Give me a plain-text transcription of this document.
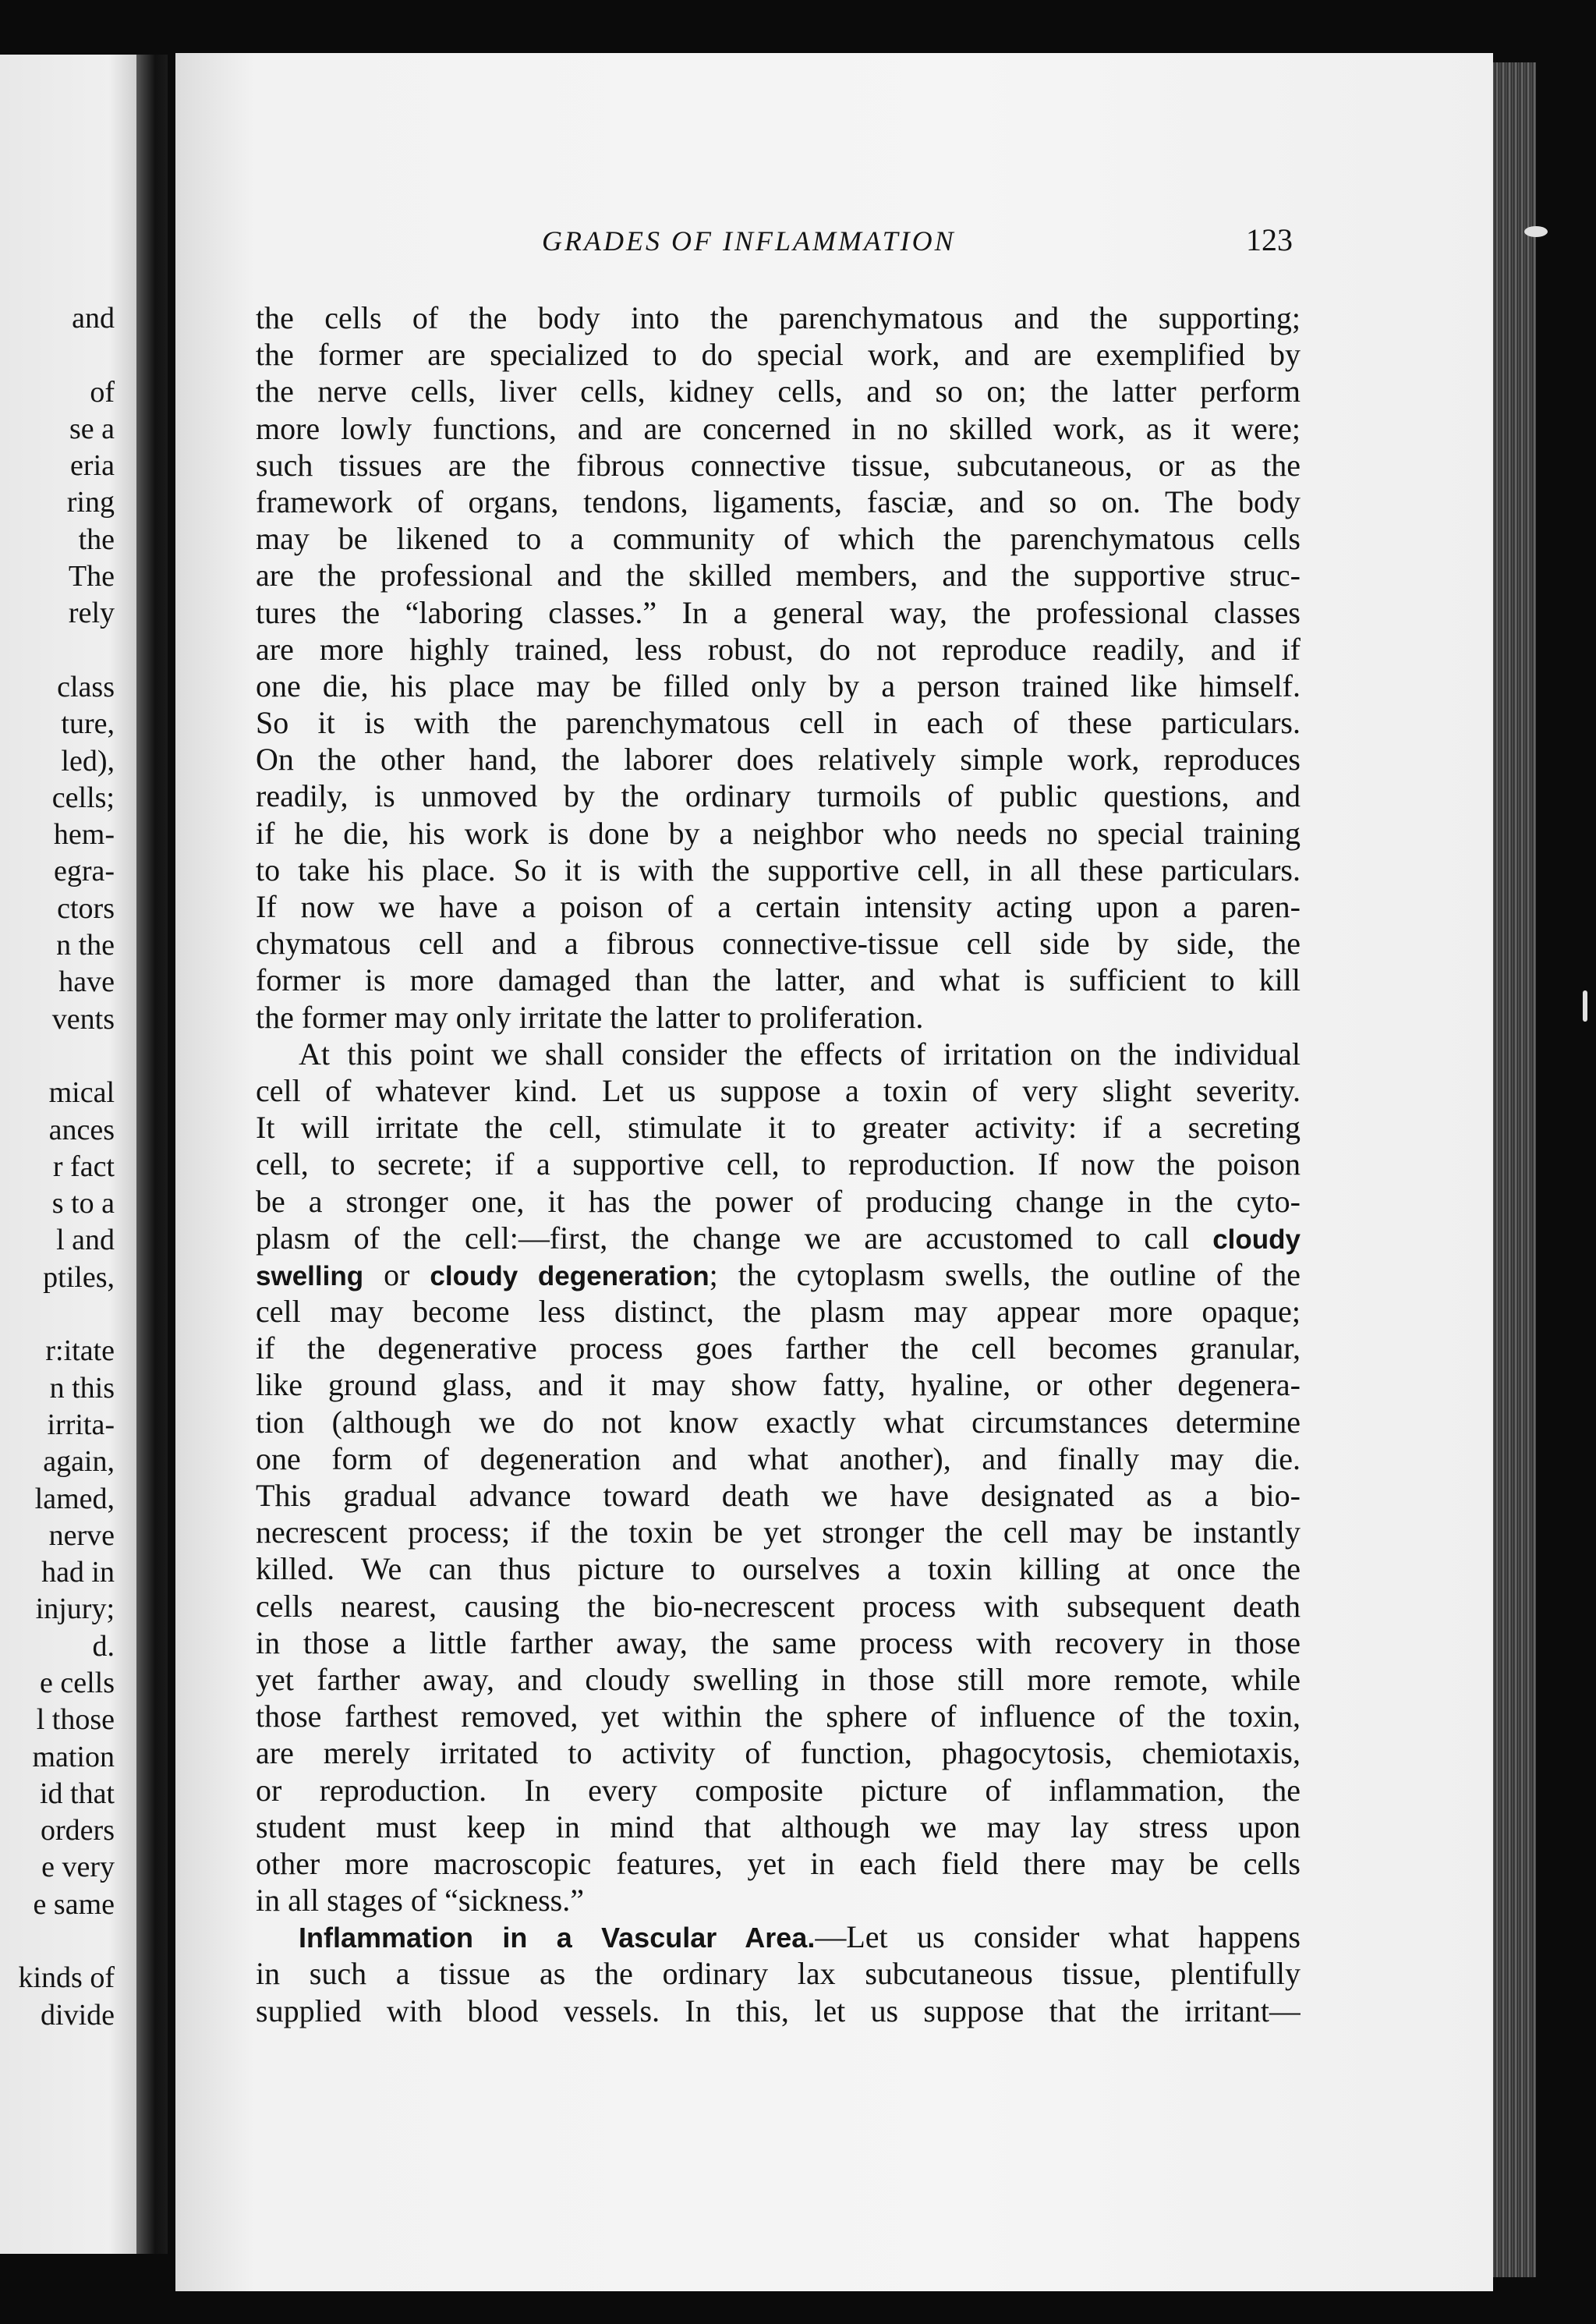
and
of
se a
eria
ring
the
The
rely
class
ture,
led),
cells;
hem-
egra-
ctors
n the
have
vents
mical
ances
r fact
s to a
l and
ptiles,
r:itate
n this
irrita-
again,
lamed,
nerve
had in
injury;
d.
e cells
l those
mation
id that
orders
e very
e same
kinds of
divide
GRADES OF INFLAMMATION	123
the cells of the body into the parenchymatous and the supporting;
the former are specialized to do special work, and are exemplified by
the nerve cells, liver cells, kidney cells, and so on; the latter perform
more lowly functions, and are concerned in no skilled work, as it were;
such tissues are the fibrous connective tissue, subcutaneous, or as the
framework of organs, tendons, ligaments, fasciæ, and so on. The body
may be likened to a community of which the parenchymatous cells
are the professional and the skilled members, and the supportive struc-
tures the “laboring classes.” In a general way, the professional classes
are more highly trained, less robust, do not reproduce readily, and if
one die, his place may be filled only by a person trained like himself.
So it is with the parenchymatous cell in each of these particulars.
On the other hand, the laborer does relatively simple work, reproduces
readily, is unmoved by the ordinary turmoils of public questions, and
if he die, his work is done by a neighbor who needs no special training
to take his place. So it is with the supportive cell, in all these particulars.
If now we have a poison of a certain intensity acting upon a paren-
chymatous cell and a fibrous connective-tissue cell side by side, the
former is more damaged than the latter, and what is sufficient to kill
the former may only irritate the latter to proliferation.
At this point we shall consider the effects of irritation on the individual
cell of whatever kind. Let us suppose a toxin of very slight severity.
It will irritate the cell, stimulate it to greater activity: if a secreting
cell, to secrete; if a supportive cell, to reproduction. If now the poison
be a stronger one, it has the power of producing change in the cyto-
plasm of the cell:—first, the change we are accustomed to call cloudy
swelling or cloudy degeneration; the cytoplasm swells, the outline of the
cell may become less distinct, the plasm may appear more opaque;
if the degenerative process goes farther the cell becomes granular,
like ground glass, and it may show fatty, hyaline, or other degenera-
tion (although we do not know exactly what circumstances determine
one form of degeneration and what another), and finally may die.
This gradual advance toward death we have designated as a bio-
necrescent process; if the toxin be yet stronger the cell may be instantly
killed. We can thus picture to ourselves a toxin killing at once the
cells nearest, causing the bio-necrescent process with subsequent death
in those a little farther away, the same process with recovery in those
yet farther away, and cloudy swelling in those still more remote, while
those farthest removed, yet within the sphere of influence of the toxin,
are merely irritated to activity of function, phagocytosis, chemiotaxis,
or reproduction. In every composite picture of inflammation, the
student must keep in mind that although we may lay stress upon
other more macroscopic features, yet in each field there may be cells
in all stages of “sickness.”
Inflammation in a Vascular Area.—Let us consider what happens
in such a tissue as the ordinary lax subcutaneous tissue, plentifully
supplied with blood vessels. In this, let us suppose that the irritant—
